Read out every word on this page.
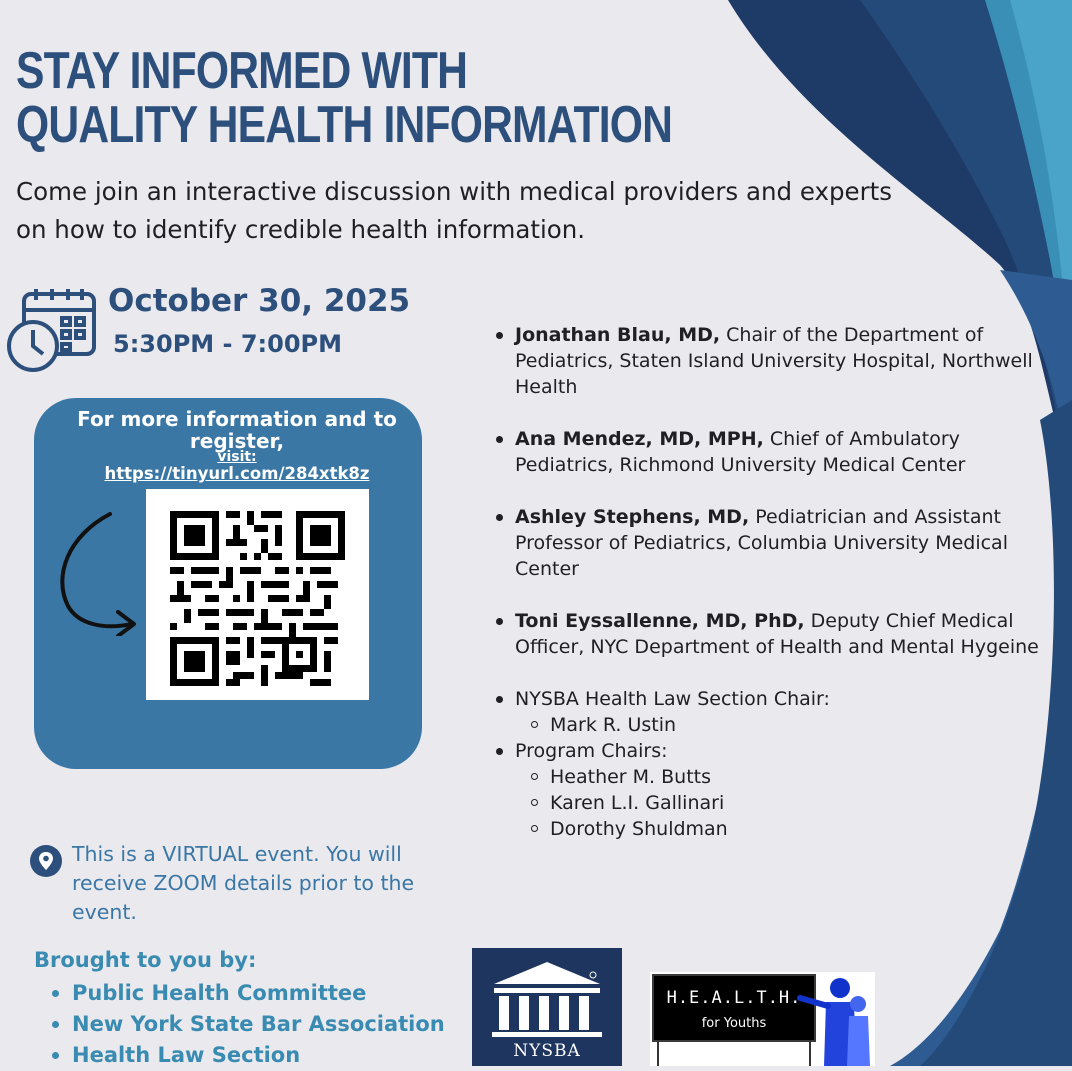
STAY INFORMED WITH
QUALITY HEALTH INFORMATION
Come join an interactive discussion with medical providers and experts on how to identify credible health information.
October 30, 2025
5:30PM - 7:00PM
For more information and to register,
visit:
https://tinyurl.com/284xtk8z
Jonathan Blau, MD, Chair of the Department of Pediatrics, Staten Island University Hospital, Northwell Health
Ana Mendez, MD, MPH, Chief of Ambulatory Pediatrics, Richmond University Medical Center
Ashley Stephens, MD, Pediatrician and Assistant Professor of Pediatrics, Columbia University Medical Center
Toni Eyssallenne, MD, PhD, Deputy Chief Medical Officer, NYC Department of Health and Mental Hygeine
NYSBA Health Law Section Chair:
Mark R. Ustin
Program Chairs:
Heather M. Butts
Karen L.I. Gallinari
Dorothy Shuldman
This is a VIRTUAL event. You will receive ZOOM details prior to the event.
Brought to you by:
Public Health Committee
New York State Bar Association
Health Law Section	NYSBA
H.E.A.L.T.H.
for Youths
